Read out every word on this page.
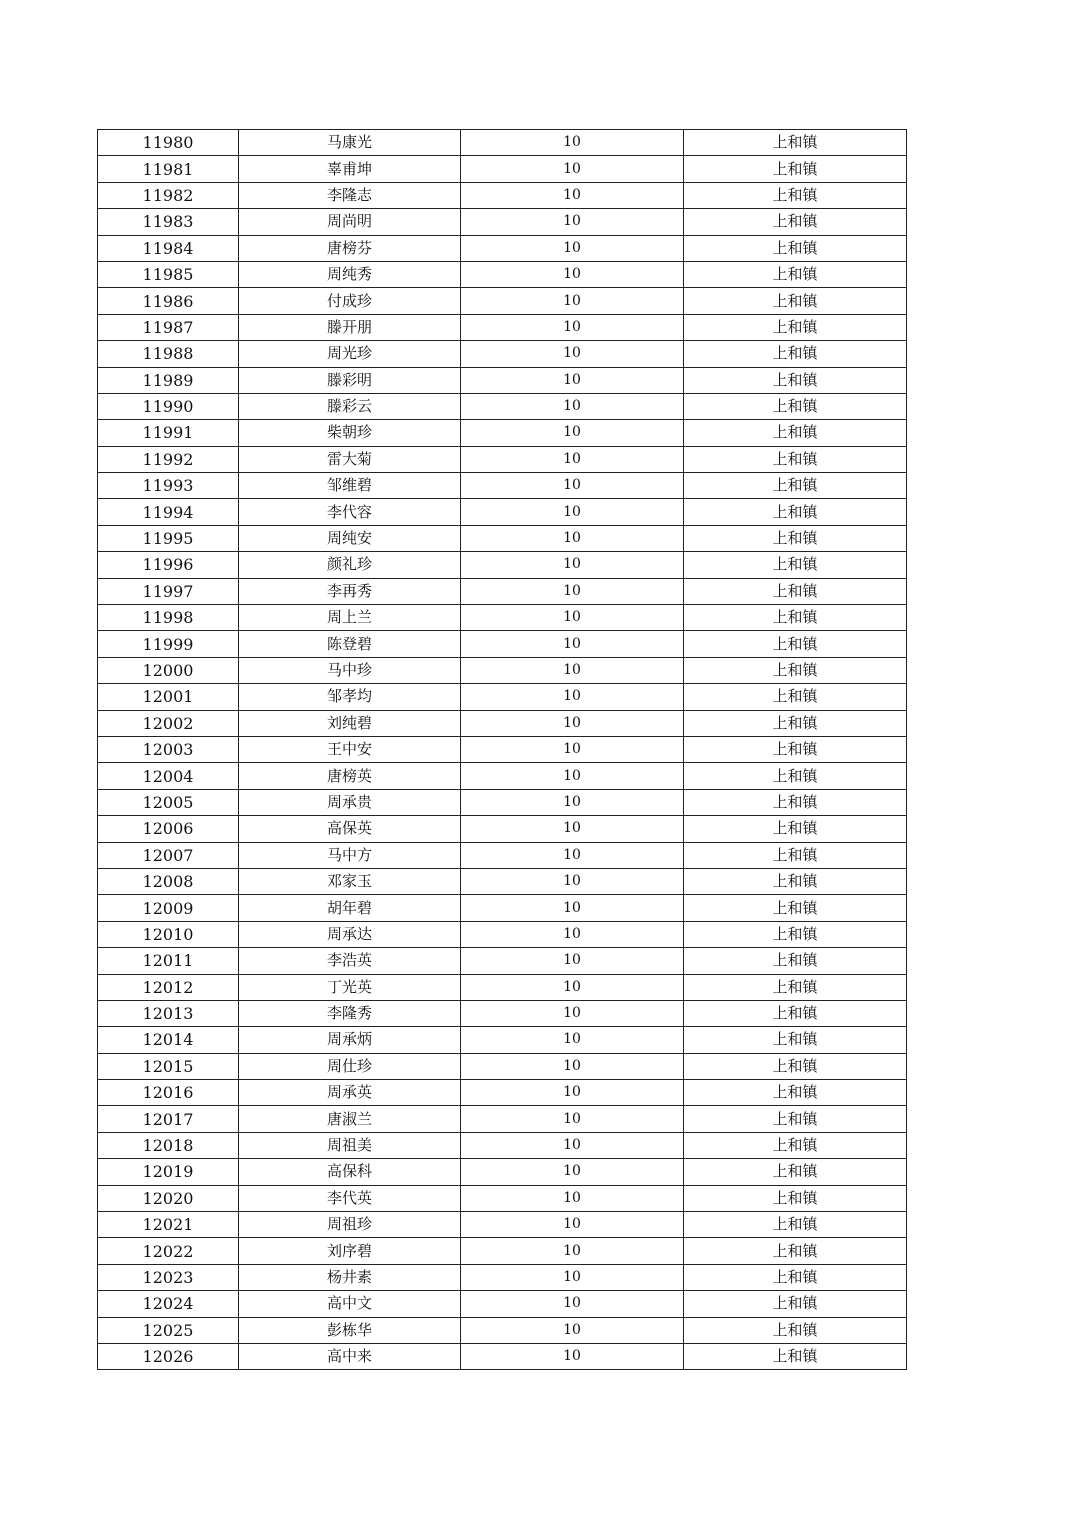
11980	马康光	10	上和镇
11981	辜甫坤	10	上和镇
11982	李隆志	10	上和镇
11983	周尚明	10	上和镇
11984	唐榜芬	10	上和镇
11985	周纯秀	10	上和镇
11986	付成珍	10	上和镇
11987	滕开朋	10	上和镇
11988	周光珍	10	上和镇
11989	滕彩明	10	上和镇
11990	滕彩云	10	上和镇
11991	柴朝珍	10	上和镇
11992	雷大菊	10	上和镇
11993	邹维碧	10	上和镇
11994	李代容	10	上和镇
11995	周纯安	10	上和镇
11996	颜礼珍	10	上和镇
11997	李再秀	10	上和镇
11998	周上兰	10	上和镇
11999	陈登碧	10	上和镇
12000	马中珍	10	上和镇
12001	邹孝均	10	上和镇
12002	刘纯碧	10	上和镇
12003	王中安	10	上和镇
12004	唐榜英	10	上和镇
12005	周承贵	10	上和镇
12006	高保英	10	上和镇
12007	马中方	10	上和镇
12008	邓家玉	10	上和镇
12009	胡年碧	10	上和镇
12010	周承达	10	上和镇
12011	李浩英	10	上和镇
12012	丁光英	10	上和镇
12013	李隆秀	10	上和镇
12014	周承炳	10	上和镇
12015	周仕珍	10	上和镇
12016	周承英	10	上和镇
12017	唐淑兰	10	上和镇
12018	周祖美	10	上和镇
12019	高保科	10	上和镇
12020	李代英	10	上和镇
12021	周祖珍	10	上和镇
12022	刘序碧	10	上和镇
12023	杨井素	10	上和镇
12024	高中文	10	上和镇
12025	彭栋华	10	上和镇
12026	高中来	10	上和镇
